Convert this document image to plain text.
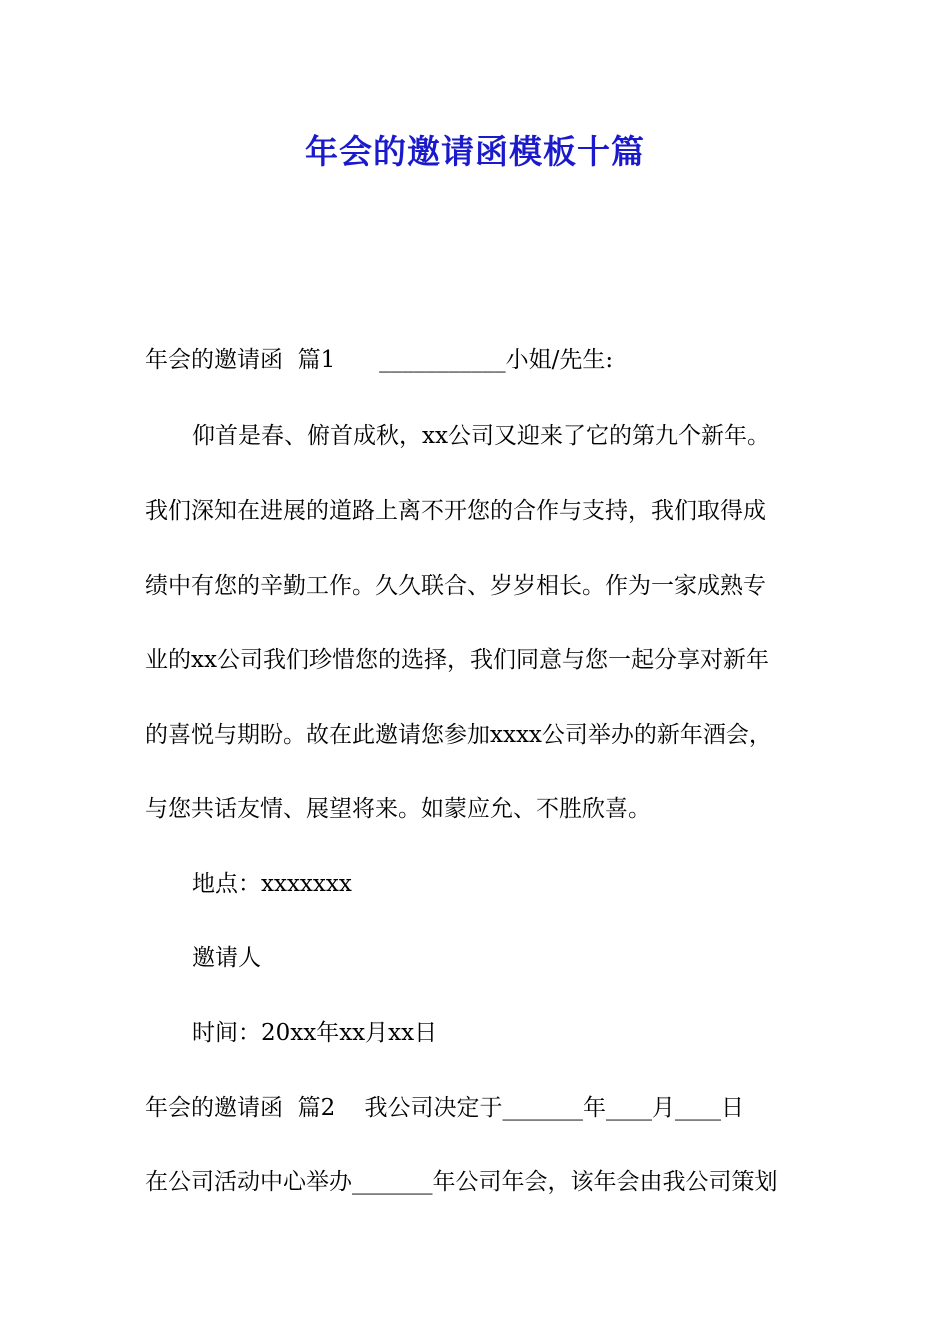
年会的邀请函模板十篇
年会的邀请函  篇1      ___________小姐/先生:
仰首是春、俯首成秋，xx公司又迎来了它的第九个新年。
我们深知在进展的道路上离不开您的合作与支持，我们取得成
绩中有您的辛勤工作。久久联合、岁岁相长。作为一家成熟专
业的xx公司我们珍惜您的选择，我们同意与您一起分享对新年
的喜悦与期盼。故在此邀请您参加xxxx公司举办的新年酒会，
与您共话友情、展望将来。如蒙应允、不胜欣喜。
地点：xxxxxxx
邀请人
时间：20xx年xx月xx日
年会的邀请函  篇2    我公司决定于_______年____月____日
在公司活动中心举办_______年公司年会，该年会由我公司策划
